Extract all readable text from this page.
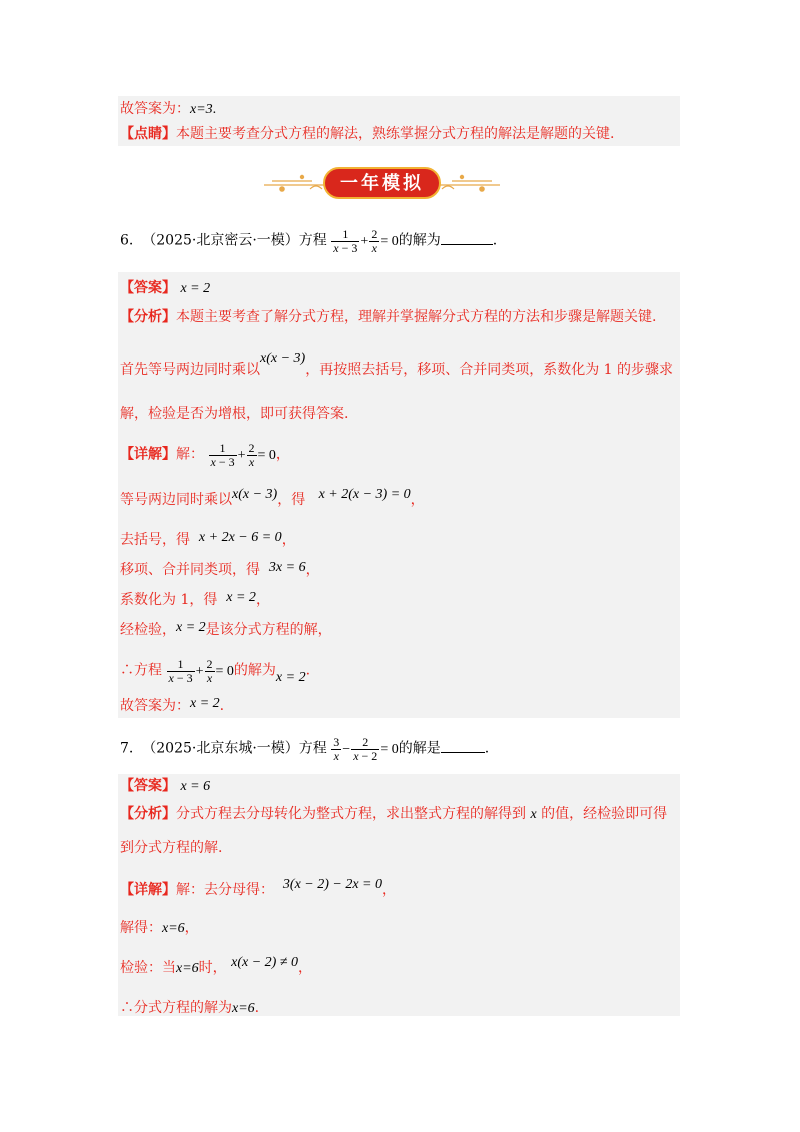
故答案为：x=3.
【点睛】本题主要考查分式方程的解法，熟练掌握分式方程的解法是解题的关键.
一年模拟
6. （2025·北京密云·一模）方程 $\frac{1}{x - 3} + \frac{2}{x} = 0$的解为	.
【答案】 x = 2
【分析】本题主要考查了解分式方程，理解并掌握解分式方程的方法和步骤是解题关键.
首先等号两边同时乘以x(x − 3)，再按照去括号，移项、合并同类项，系数化为 1 的步骤求
解，检验是否为增根，即可获得答案.
【详解】解： $\frac{1}{x - 3} + \frac{2}{x} = 0$，
等号两边同时乘以x(x − 3)，得 x + 2(x − 3) = 0，
去括号，得 x + 2x − 6 = 0，
移项、合并同类项，得 3x = 6，
系数化为 1，得 x = 2，
经检验，x = 2是该分式方程的解，
∴方程 $\frac{1}{x - 3} + \frac{2}{x} = 0$的解为x = 2.
故答案为：x = 2.
7. （2025·北京东城·一模）方程 $\frac{3}{x} - \frac{2}{x - 2} = 0$的解是	.
【答案】 x = 6
【分析】分式方程去分母转化为整式方程，求出整式方程的解得到 x 的值，经检验即可得
到分式方程的解.
【详解】解：去分母得： 3(x − 2) − 2x = 0，
解得：x=6，
检验：当x=6时， x(x − 2) ≠ 0，
∴分式方程的解为x=6.
